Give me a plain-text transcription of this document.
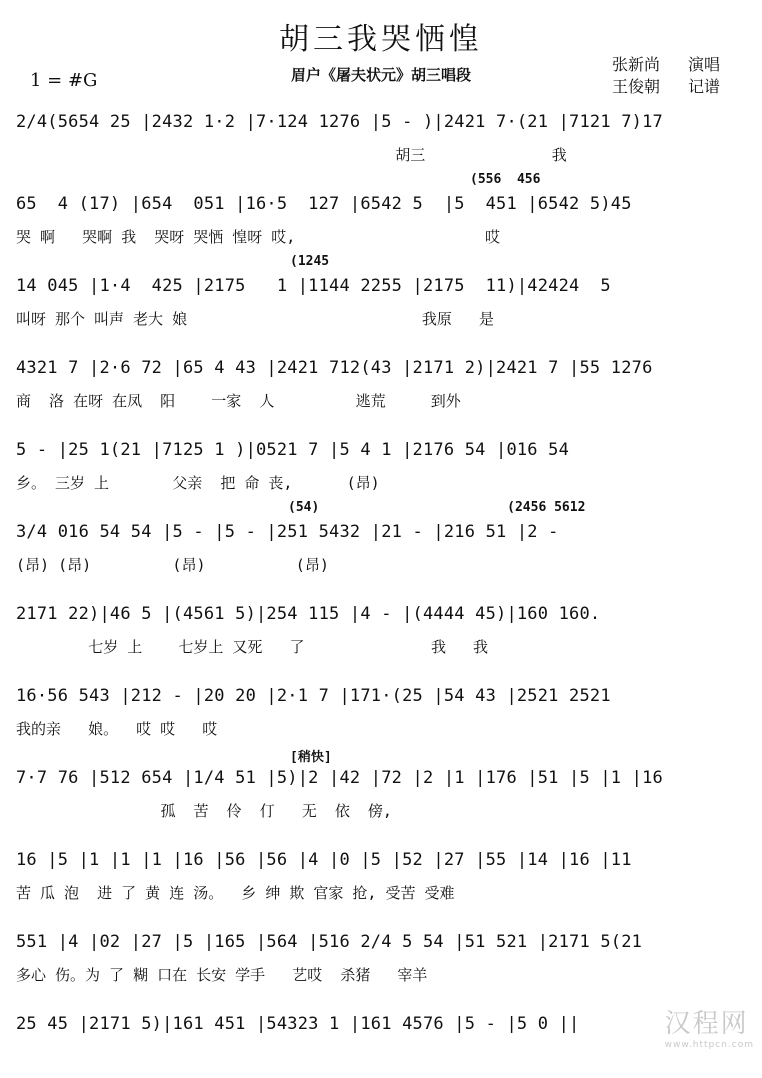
胡三我哭恓惶
眉户《屠夫状元》胡三唱段
张新尚 演唱
王俊朝 记谱
1 = #G
2/4(5654 25 |2432 1·2 |7·124 1276 |5 - )|2421 7·(21 |7121 7)17
胡三              我
(556  456
65  4 (17) |654  051 |16·5  127 |6542 5  |5  451 |6542 5)45
哭 啊   哭啊 我  哭呀 哭恓 惶呀 哎,                     哎
(1245
14 045 |1·4  425 |2175   1 |1144 2255 |2175  11)|42424  5
叫呀 那个 叫声 老大 娘                          我原   是
4321 7 |2·6 72 |65 4 43 |2421 712(43 |2171 2)|2421 7 |55 1276
商  洛 在呀 在凤  阳    一家  人         逃荒     到外
5 - |25 1(21 |7125 1 )|0521 7 |5 4 1 |2176 54 |016 54
乡。 三岁 上       父亲  把 命 丧,      (昂)
(54)                        (2456 5612
3/4 016 54 54 |5 - |5 - |251 5432 |21 - |216 51 |2 -
(昂) (昂)         (昂)          (昂)
2171 22)|46 5 |(4561 5)|254 115 |4 - |(4444 45)|160 160.
七岁 上    七岁上 又死   了              我   我
16·56 543 |212 - |20 20 |2·1 7 |171·(25 |54 43 |2521 2521
我的亲   娘。  哎 哎   哎
[稍快]
7·7 76 |512 654 |1/4 51 |5)|2 |42 |72 |2 |1 |176 |51 |5 |1 |16
孤  苦  伶  仃   无  依  傍,
16 |5 |1 |1 |1 |16 |56 |56 |4 |0 |5 |52 |27 |55 |14 |16 |11
苦 瓜 泡  进 了 黄 连 汤。  乡 绅 欺 官家 抢, 受苦 受难
551 |4 |02 |27 |5 |165 |564 |516 2/4 5 54 |51 521 |2171 5(21
多心 伤。为 了 糊 口在 长安 学手   艺哎  杀猪   宰羊
25 45 |2171 5)|161 451 |54323 1 |161 4576 |5 - |5 0 ||	汉程网
www.httpcn.com
